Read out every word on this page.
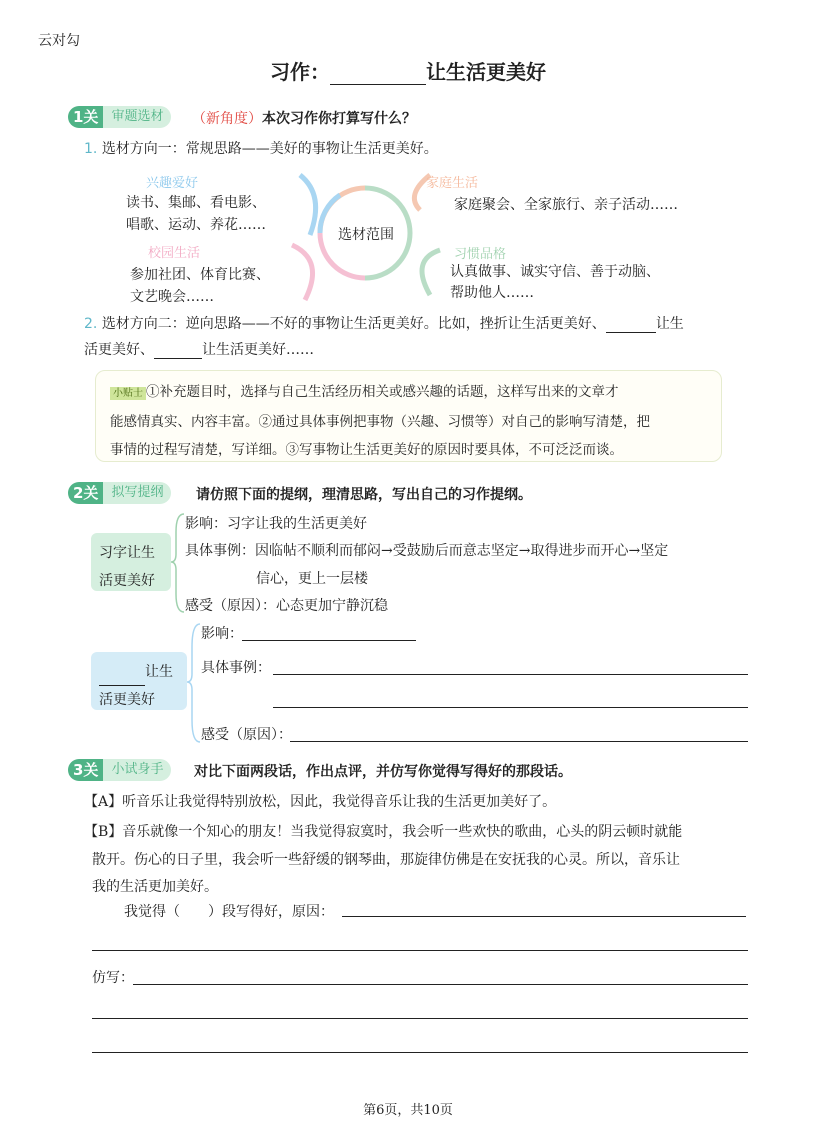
云对勾
习作：	让生活更美好
1关	审题选材	（新角度）本次习作你打算写什么？
1. 选材方向一：常规思路——美好的事物让生活更美好。
选材范围
兴趣爱好
读书、集邮、看电影、
唱歌、运动、养花……
家庭生活
家庭聚会、全家旅行、亲子活动……
校园生活
参加社团、体育比赛、
文艺晚会……
习惯品格
认真做事、诚实守信、善于动脑、
帮助他人……
2. 选材方向二：逆向思路——不好的事物让生活更美好。比如，挫折让生活更美好、	让生
活更美好、	让生活更美好……
小贴士 ①补充题目时，选择与自己生活经历相关或感兴趣的话题，这样写出来的文章才
能感情真实、内容丰富。②通过具体事例把事物（兴趣、习惯等）对自己的影响写清楚，把
事情的过程写清楚，写详细。③写事物让生活更美好的原因时要具体，不可泛泛而谈。
2关	拟写提纲	请仿照下面的提纲，理清思路，写出自己的习作提纲。
习字让生
活更美好
影响：习字让我的生活更美好
具体事例：因临帖不顺利而郁闷→受鼓励后而意志坚定→取得进步而开心→坚定
信心，更上一层楼
感受（原因）：心态更加宁静沉稳
让生
活更美好
影响：
具体事例：
感受（原因）：
3关	小试身手	对比下面两段话，作出点评，并仿写你觉得写得好的那段话。
【A】听音乐让我觉得特别放松，因此，我觉得音乐让我的生活更加美好了。
【B】音乐就像一个知心的朋友！当我觉得寂寞时，我会听一些欢快的歌曲，心头的阴云顿时就能
散开。伤心的日子里，我会听一些舒缓的钢琴曲，那旋律仿佛是在安抚我的心灵。所以，音乐让
我的生活更加美好。
我觉得（　　）段写得好，原因：
仿写：
第6页，共10页
